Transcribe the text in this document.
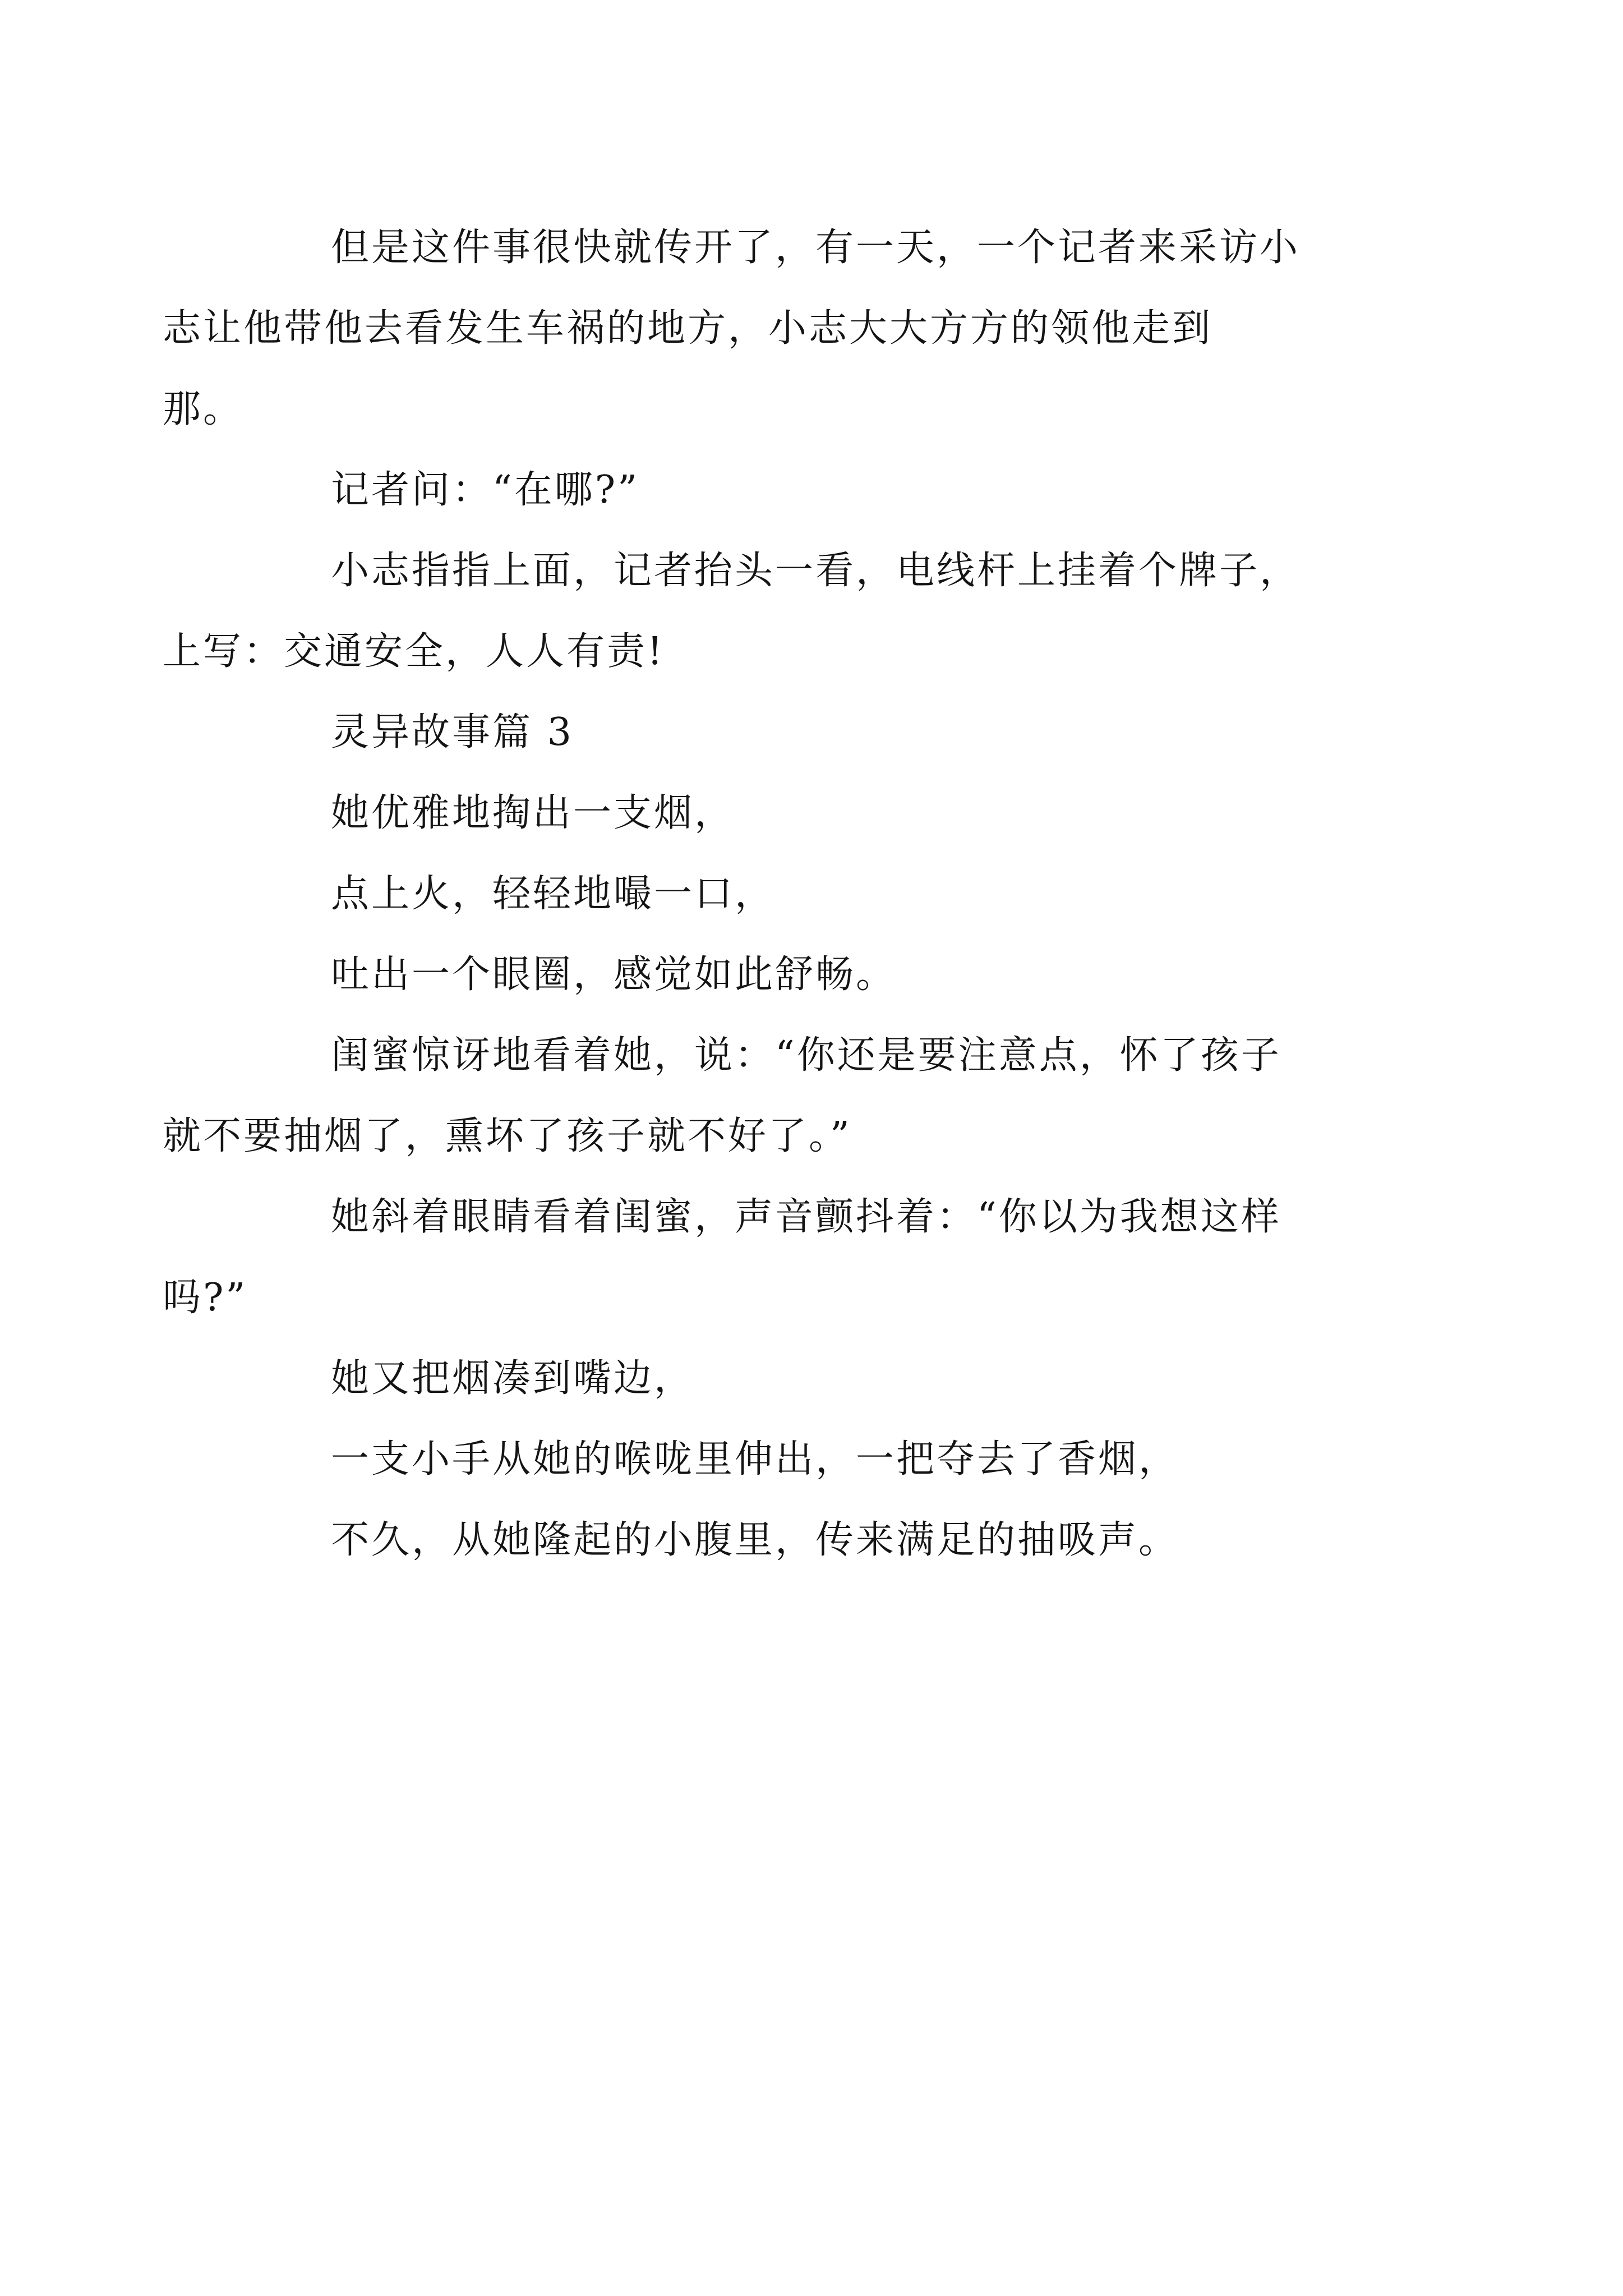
但是这件事很快就传开了，有一天，一个记者来采访小
志让他带他去看发生车祸的地方，小志大大方方的领他走到
那。

记者问：“在哪?”

小志指指上面，记者抬头一看，电线杆上挂着个牌子，
上写：交通安全，人人有责!

灵异故事篇 3

她优雅地掏出一支烟，

点上火，轻轻地嘬一口，

吐出一个眼圈，感觉如此舒畅。

闺蜜惊讶地看着她，说：“你还是要注意点，怀了孩子
就不要抽烟了，熏坏了孩子就不好了。”

她斜着眼睛看着闺蜜，声音颤抖着：“你以为我想这样
吗?”

她又把烟凑到嘴边，

一支小手从她的喉咙里伸出，一把夺去了香烟，

不久，从她隆起的小腹里，传来满足的抽吸声。
